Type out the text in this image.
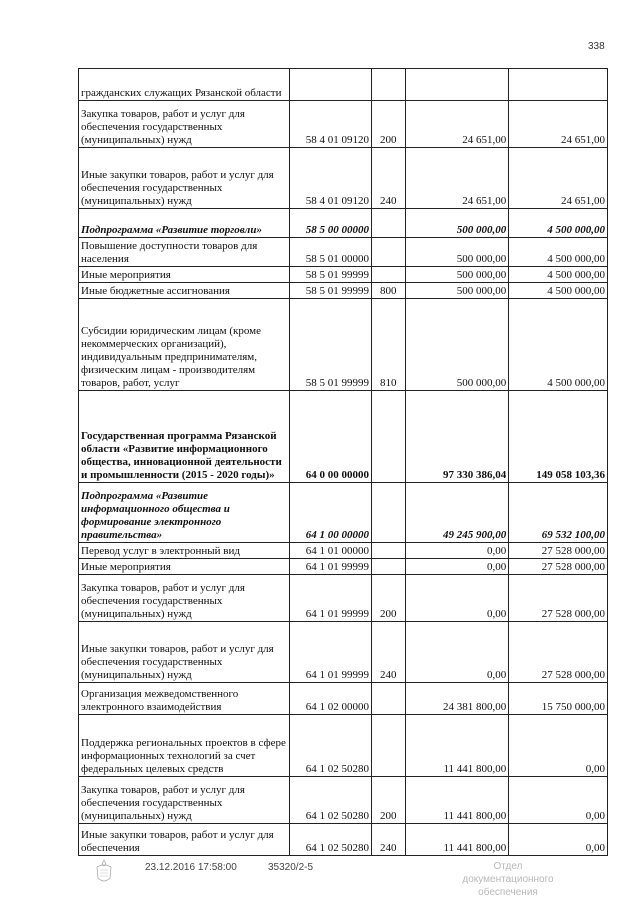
338
гражданских служащих Рязанской области				
Закупка товаров, работ и услуг для обеспечения государственных (муниципальных) нужд	58 4 01 09120	200	24 651,00	24 651,00
Иные закупки товаров, работ и услуг для обеспечения государственных (муниципальных) нужд	58 4 01 09120	240	24 651,00	24 651,00
Подпрограмма «Развитие торговли»	58 5 00 00000		500 000,00	4 500 000,00
Повышение доступности товаров для населения	58 5 01 00000		500 000,00	4 500 000,00
Иные мероприятия	58 5 01 99999		500 000,00	4 500 000,00
Иные бюджетные ассигнования	58 5 01 99999	800	500 000,00	4 500 000,00
Субсидии юридическим лицам (кроме некоммерческих организаций), индивидуальным предпринимателям, физическим лицам - производителям товаров, работ, услуг	58 5 01 99999	810	500 000,00	4 500 000,00
Государственная программа Рязанской области «Развитие информационного общества, инновационной деятельности и промышленности (2015 - 2020 годы)»	64 0 00 00000		97 330 386,04	149 058 103,36
Подпрограмма «Развитие информационного общества и формирование электронного правительства»	64 1 00 00000		49 245 900,00	69 532 100,00
Перевод услуг в электронный вид	64 1 01 00000		0,00	27 528 000,00
Иные мероприятия	64 1 01 99999		0,00	27 528 000,00
Закупка товаров, работ и услуг для обеспечения государственных (муниципальных) нужд	64 1 01 99999	200	0,00	27 528 000,00
Иные закупки товаров, работ и услуг для обеспечения государственных (муниципальных) нужд	64 1 01 99999	240	0,00	27 528 000,00
Организация межведомственного электронного взаимодействия	64 1 02 00000		24 381 800,00	15 750 000,00
Поддержка региональных проектов в сфере информационных технологий за счет федеральных целевых средств	64 1 02 50280		11 441 800,00	0,00
Закупка товаров, работ и услуг для обеспечения государственных (муниципальных) нужд	64 1 02 50280	200	11 441 800,00	0,00
Иные закупки товаров, работ и услуг для обеспечения	64 1 02 50280	240	11 441 800,00	0,00
23.12.2016 17:58:00	35320/2-5	Отдел документационного обеспечения
